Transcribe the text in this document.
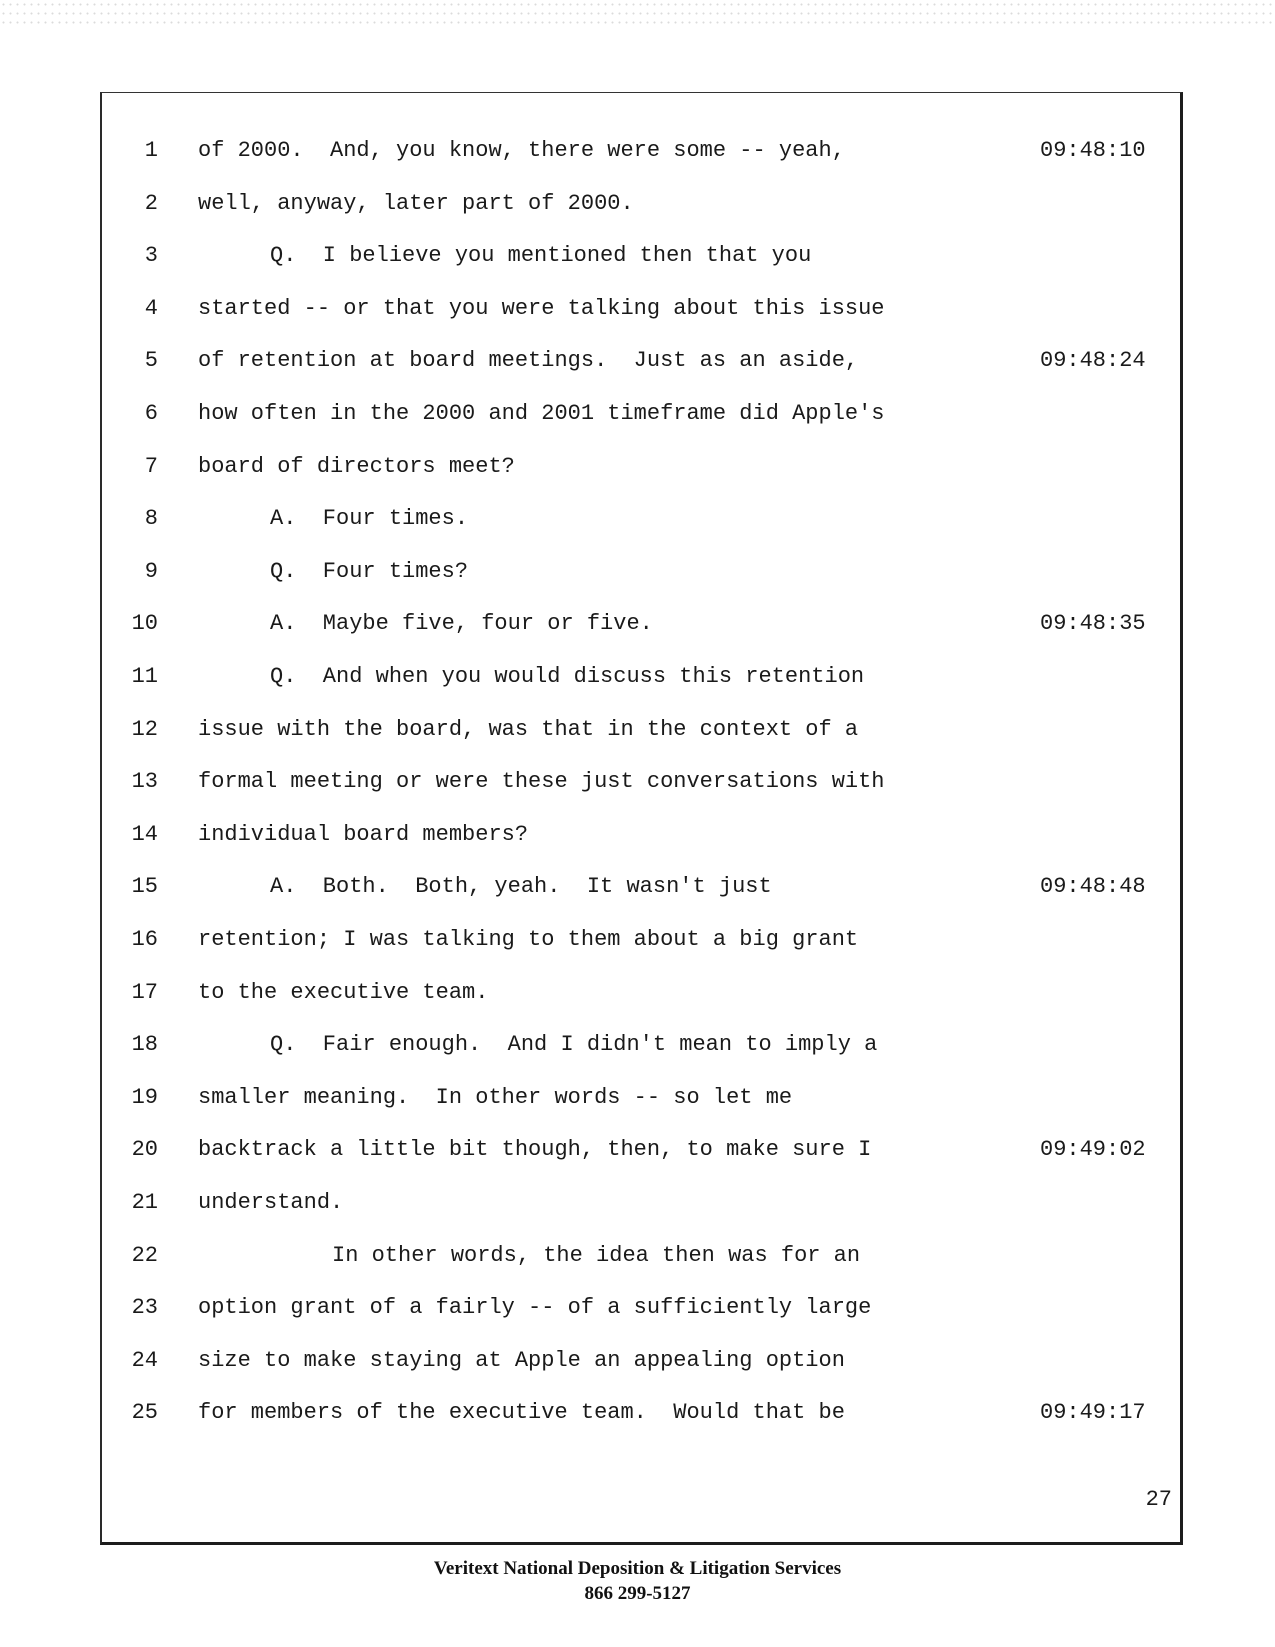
1 of 2000.  And, you know, there were some -- yeah,	09:48:10
2 well, anyway, later part of 2000.
3	Q.  I believe you mentioned then that you
4 started -- or that you were talking about this issue
5 of retention at board meetings.  Just as an aside,	09:48:24
6 how often in the 2000 and 2001 timeframe did Apple's
7 board of directors meet?
8	A.  Four times.
9	Q.  Four times?
10	A.  Maybe five, four or five.	09:48:35
11	Q.  And when you would discuss this retention
12 issue with the board, was that in the context of a
13 formal meeting or were these just conversations with
14 individual board members?
15	A.  Both.  Both, yeah.  It wasn't just	09:48:48
16 retention; I was talking to them about a big grant
17 to the executive team.
18	Q.  Fair enough.  And I didn't mean to imply a
19 smaller meaning.  In other words -- so let me
20 backtrack a little bit though, then, to make sure I	09:49:02
21 understand.
22	In other words, the idea then was for an
23 option grant of a fairly -- of a sufficiently large
24 size to make staying at Apple an appealing option
25 for members of the executive team.  Would that be	09:49:17
27
Veritext National Deposition & Litigation Services
866 299-5127
